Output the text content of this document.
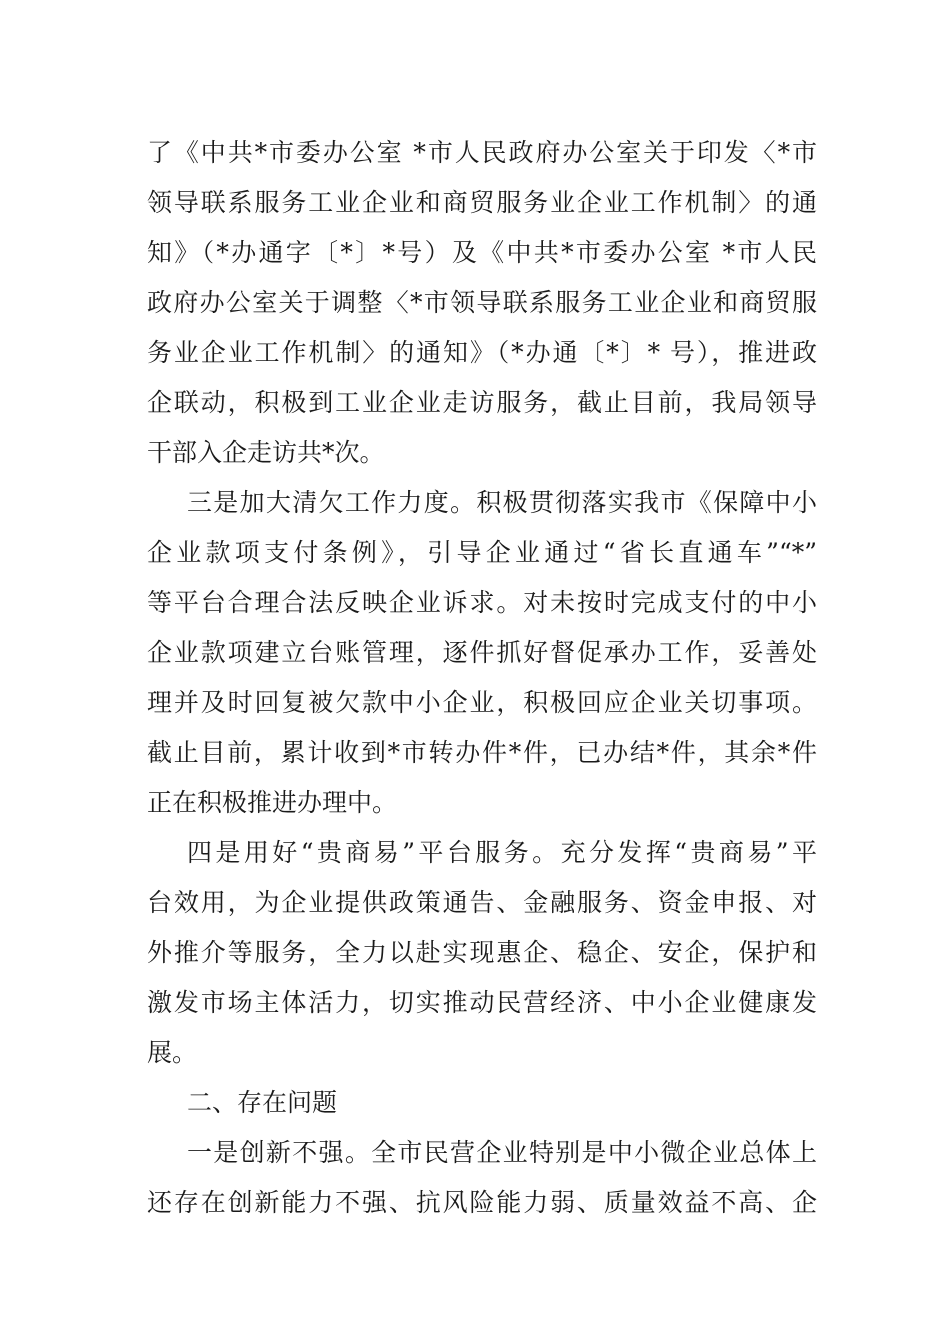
了《中共*市委办公室 *市人民政府办公室关于印发〈*市
领导联系服务工业企业和商贸服务业企业工作机制〉的通
知》（*办通字〔*〕*号）及《中共*市委办公室 *市人民
政府办公室关于调整〈*市领导联系服务工业企业和商贸服
务业企业工作机制〉的通知》（*办通〔*〕* 号），推进政
企联动，积极到工业企业走访服务，截止目前，我局领导
干部入企走访共*次。
三是加大清欠工作力度。积极贯彻落实我市《保障中小
企业款项支付条例》，引导企业通过“省长直通车”“*”
等平台合理合法反映企业诉求。对未按时完成支付的中小
企业款项建立台账管理，逐件抓好督促承办工作，妥善处
理并及时回复被欠款中小企业，积极回应企业关切事项。
截止目前，累计收到*市转办件*件，已办结*件，其余*件
正在积极推进办理中。
四是用好“贵商易”平台服务。充分发挥“贵商易”平
台效用，为企业提供政策通告、金融服务、资金申报、对
外推介等服务，全力以赴实现惠企、稳企、安企，保护和
激发市场主体活力，切实推动民营经济、中小企业健康发
展。
二、存在问题
一是创新不强。全市民营企业特别是中小微企业总体上
还存在创新能力不强、抗风险能力弱、质量效益不高、企
